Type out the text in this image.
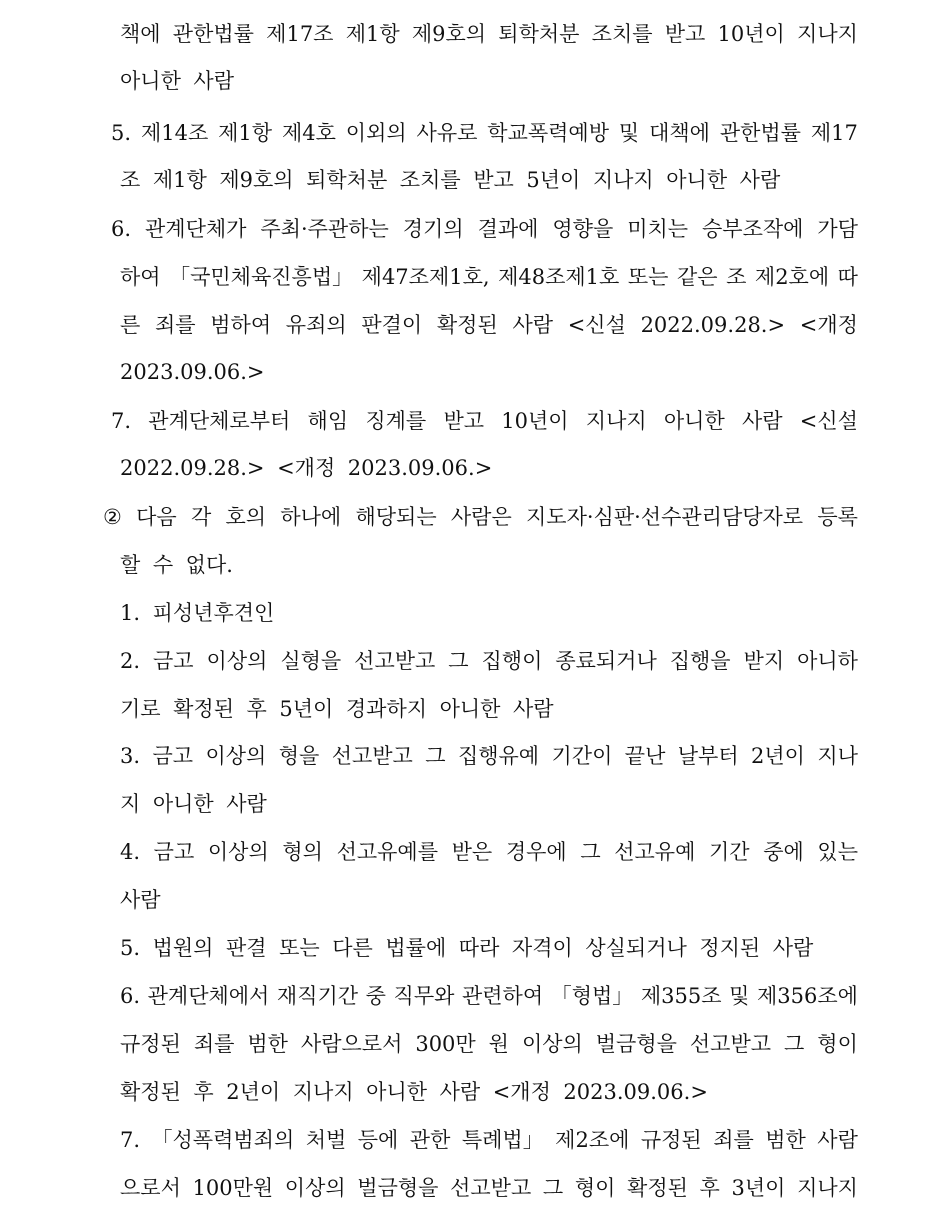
책에 관한법률 제17조 제1항 제9호의 퇴학처분 조치를 받고 10년이 지나지
아니한 사람
5. 제14조 제1항 제4호 이외의 사유로 학교폭력예방 및 대책에 관한법률 제17
조 제1항 제9호의 퇴학처분 조치를 받고 5년이 지나지 아니한 사람
6. 관계단체가 주최·주관하는 경기의 결과에 영향을 미치는 승부조작에 가담
하여 「국민체육진흥법」 제47조제1호, 제48조제1호 또는 같은 조 제2호에 따
른 죄를 범하여 유죄의 판결이 확정된 사람 <신설 2022.09.28.> <개정
2023.09.06.>
7. 관계단체로부터 해임 징계를 받고 10년이 지나지 아니한 사람 <신설
2022.09.28.> <개정 2023.09.06.>
② 다음 각 호의 하나에 해당되는 사람은 지도자·심판·선수관리담당자로 등록
할 수 없다.
1. 피성년후견인
2. 금고 이상의 실형을 선고받고 그 집행이 종료되거나 집행을 받지 아니하
기로 확정된 후 5년이 경과하지 아니한 사람
3. 금고 이상의 형을 선고받고 그 집행유예 기간이 끝난 날부터 2년이 지나
지 아니한 사람
4. 금고 이상의 형의 선고유예를 받은 경우에 그 선고유예 기간 중에 있는
사람
5. 법원의 판결 또는 다른 법률에 따라 자격이 상실되거나 정지된 사람
6. 관계단체에서 재직기간 중 직무와 관련하여 「형법」 제355조 및 제356조에
규정된 죄를 범한 사람으로서 300만 원 이상의 벌금형을 선고받고 그 형이
확정된 후 2년이 지나지 아니한 사람 <개정 2023.09.06.>
7. 「성폭력범죄의 처벌 등에 관한 특례법」 제2조에 규정된 죄를 범한 사람
으로서 100만원 이상의 벌금형을 선고받고 그 형이 확정된 후 3년이 지나지
